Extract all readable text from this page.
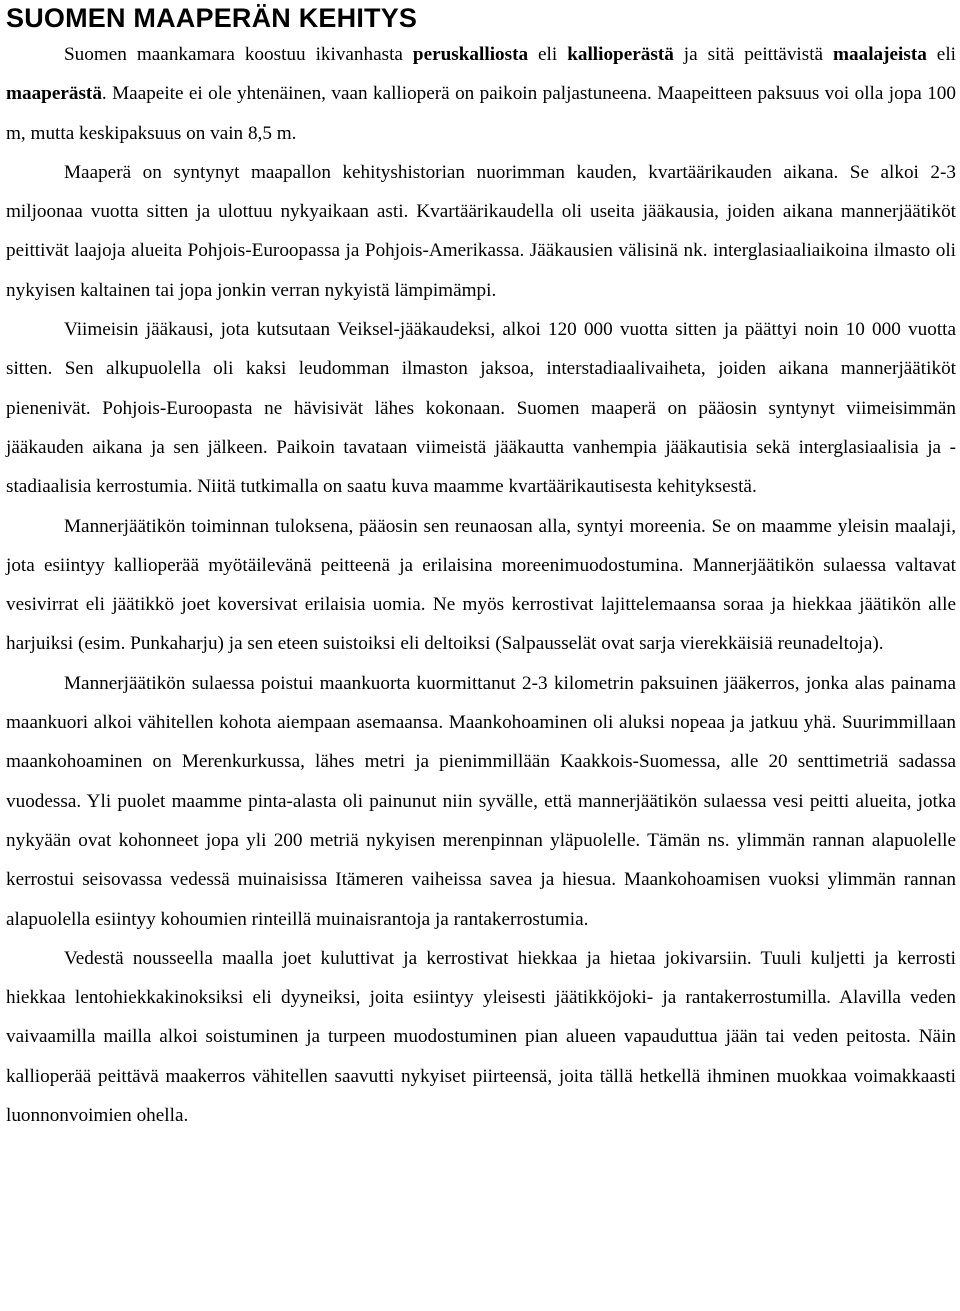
SUOMEN MAAPERÄN KEHITYS

Suomen maankamara koostuu ikivanhasta peruskalliosta eli kallioperästä ja sitä peittävistä maalajeista eli maaperästä. Maapeite ei ole yhtenäinen, vaan kallioperä on paikoin paljastuneena. Maapeitteen paksuus voi olla jopa 100 m, mutta keskipaksuus on vain 8,5 m.

Maaperä on syntynyt maapallon kehityshistorian nuorimman kauden, kvartäärikauden aikana. Se alkoi 2-3 miljoonaa vuotta sitten ja ulottuu nykyaikaan asti. Kvartäärikaudella oli useita jääkausia, joiden aikana mannerjäätiköt peittivät laajoja alueita Pohjois-Euroopassa ja Pohjois-Amerikassa. Jääkausien välisinä nk. interglasiaaliaikoina ilmasto oli nykyisen kaltainen tai jopa jonkin verran nykyistä lämpimämpi.

Viimeisin jääkausi, jota kutsutaan Veiksel-jääkaudeksi, alkoi 120 000 vuotta sitten ja päättyi noin 10 000 vuotta sitten. Sen alkupuolella oli kaksi leudomman ilmaston jaksoa, interstadiaalivaiheta, joiden aikana mannerjäätiköt pienenivät. Pohjois-Euroopasta ne hävisivät lähes kokonaan. Suomen maaperä on pääosin syntynyt viimeisimmän jääkauden aikana ja sen jälkeen. Paikoin tavataan viimeistä jääkautta vanhempia jääkautisia sekä interglasiaalisia ja -stadiaalisia kerrostumia. Niitä tutkimalla on saatu kuva maamme kvartäärikautisesta kehityksestä.

Mannerjäätikön toiminnan tuloksena, pääosin sen reunaosan alla, syntyi moreenia. Se on maamme yleisin maalaji, jota esiintyy kallioperää myötäilevänä peitteenä ja erilaisina moreenimuodostumina. Mannerjäätikön sulaessa valtavat vesivirrat eli jäätikkö joet koversivat erilaisia uomia. Ne myös kerrostivat lajittelemaansa soraa ja hiekkaa jäätikön alle harjuiksi (esim. Punkaharju) ja sen eteen suistoiksi eli deltoiksi (Salpausselät ovat sarja vierekkäisiä reunadeltoja).

Mannerjäätikön sulaessa poistui maankuorta kuormittanut 2-3 kilometrin paksuinen jääkerros, jonka alas painama maankuori alkoi vähitellen kohota aiempaan asemaansa. Maankohoaminen oli aluksi nopeaa ja jatkuu yhä. Suurimmillaan maankohoaminen on Merenkurkussa, lähes metri ja pienimmillään Kaakkois-Suomessa, alle 20 senttimetriä sadassa vuodessa. Yli puolet maamme pinta-alasta oli painunut niin syvälle, että mannerjäätikön sulaessa vesi peitti alueita, jotka nykyään ovat kohonneet jopa yli 200 metriä nykyisen merenpinnan yläpuolelle. Tämän ns. ylimmän rannan alapuolelle kerrostui seisovassa vedessä muinaisissa Itämeren vaiheissa savea ja hiesua. Maankohoamisen vuoksi ylimmän rannan alapuolella esiintyy kohoumien rinteillä muinaisrantoja ja rantakerrostumia.

Vedestä nousseella maalla joet kuluttivat ja kerrostivat hiekkaa ja hietaa jokivarsiin. Tuuli kuljetti ja kerrosti hiekkaa lentohiekkakinoksiksi eli dyyneiksi, joita esiintyy yleisesti jäätikköjoki- ja rantakerrostumilla. Alavilla veden vaivaamilla mailla alkoi soistuminen ja turpeen muodostuminen pian alueen vapauduttua jään tai veden peitosta. Näin kallioperää peittävä maakerros vähitellen saavutti nykyiset piirteensä, joita tällä hetkellä ihminen muokkaa voimakkaasti luonnonvoimien ohella.
